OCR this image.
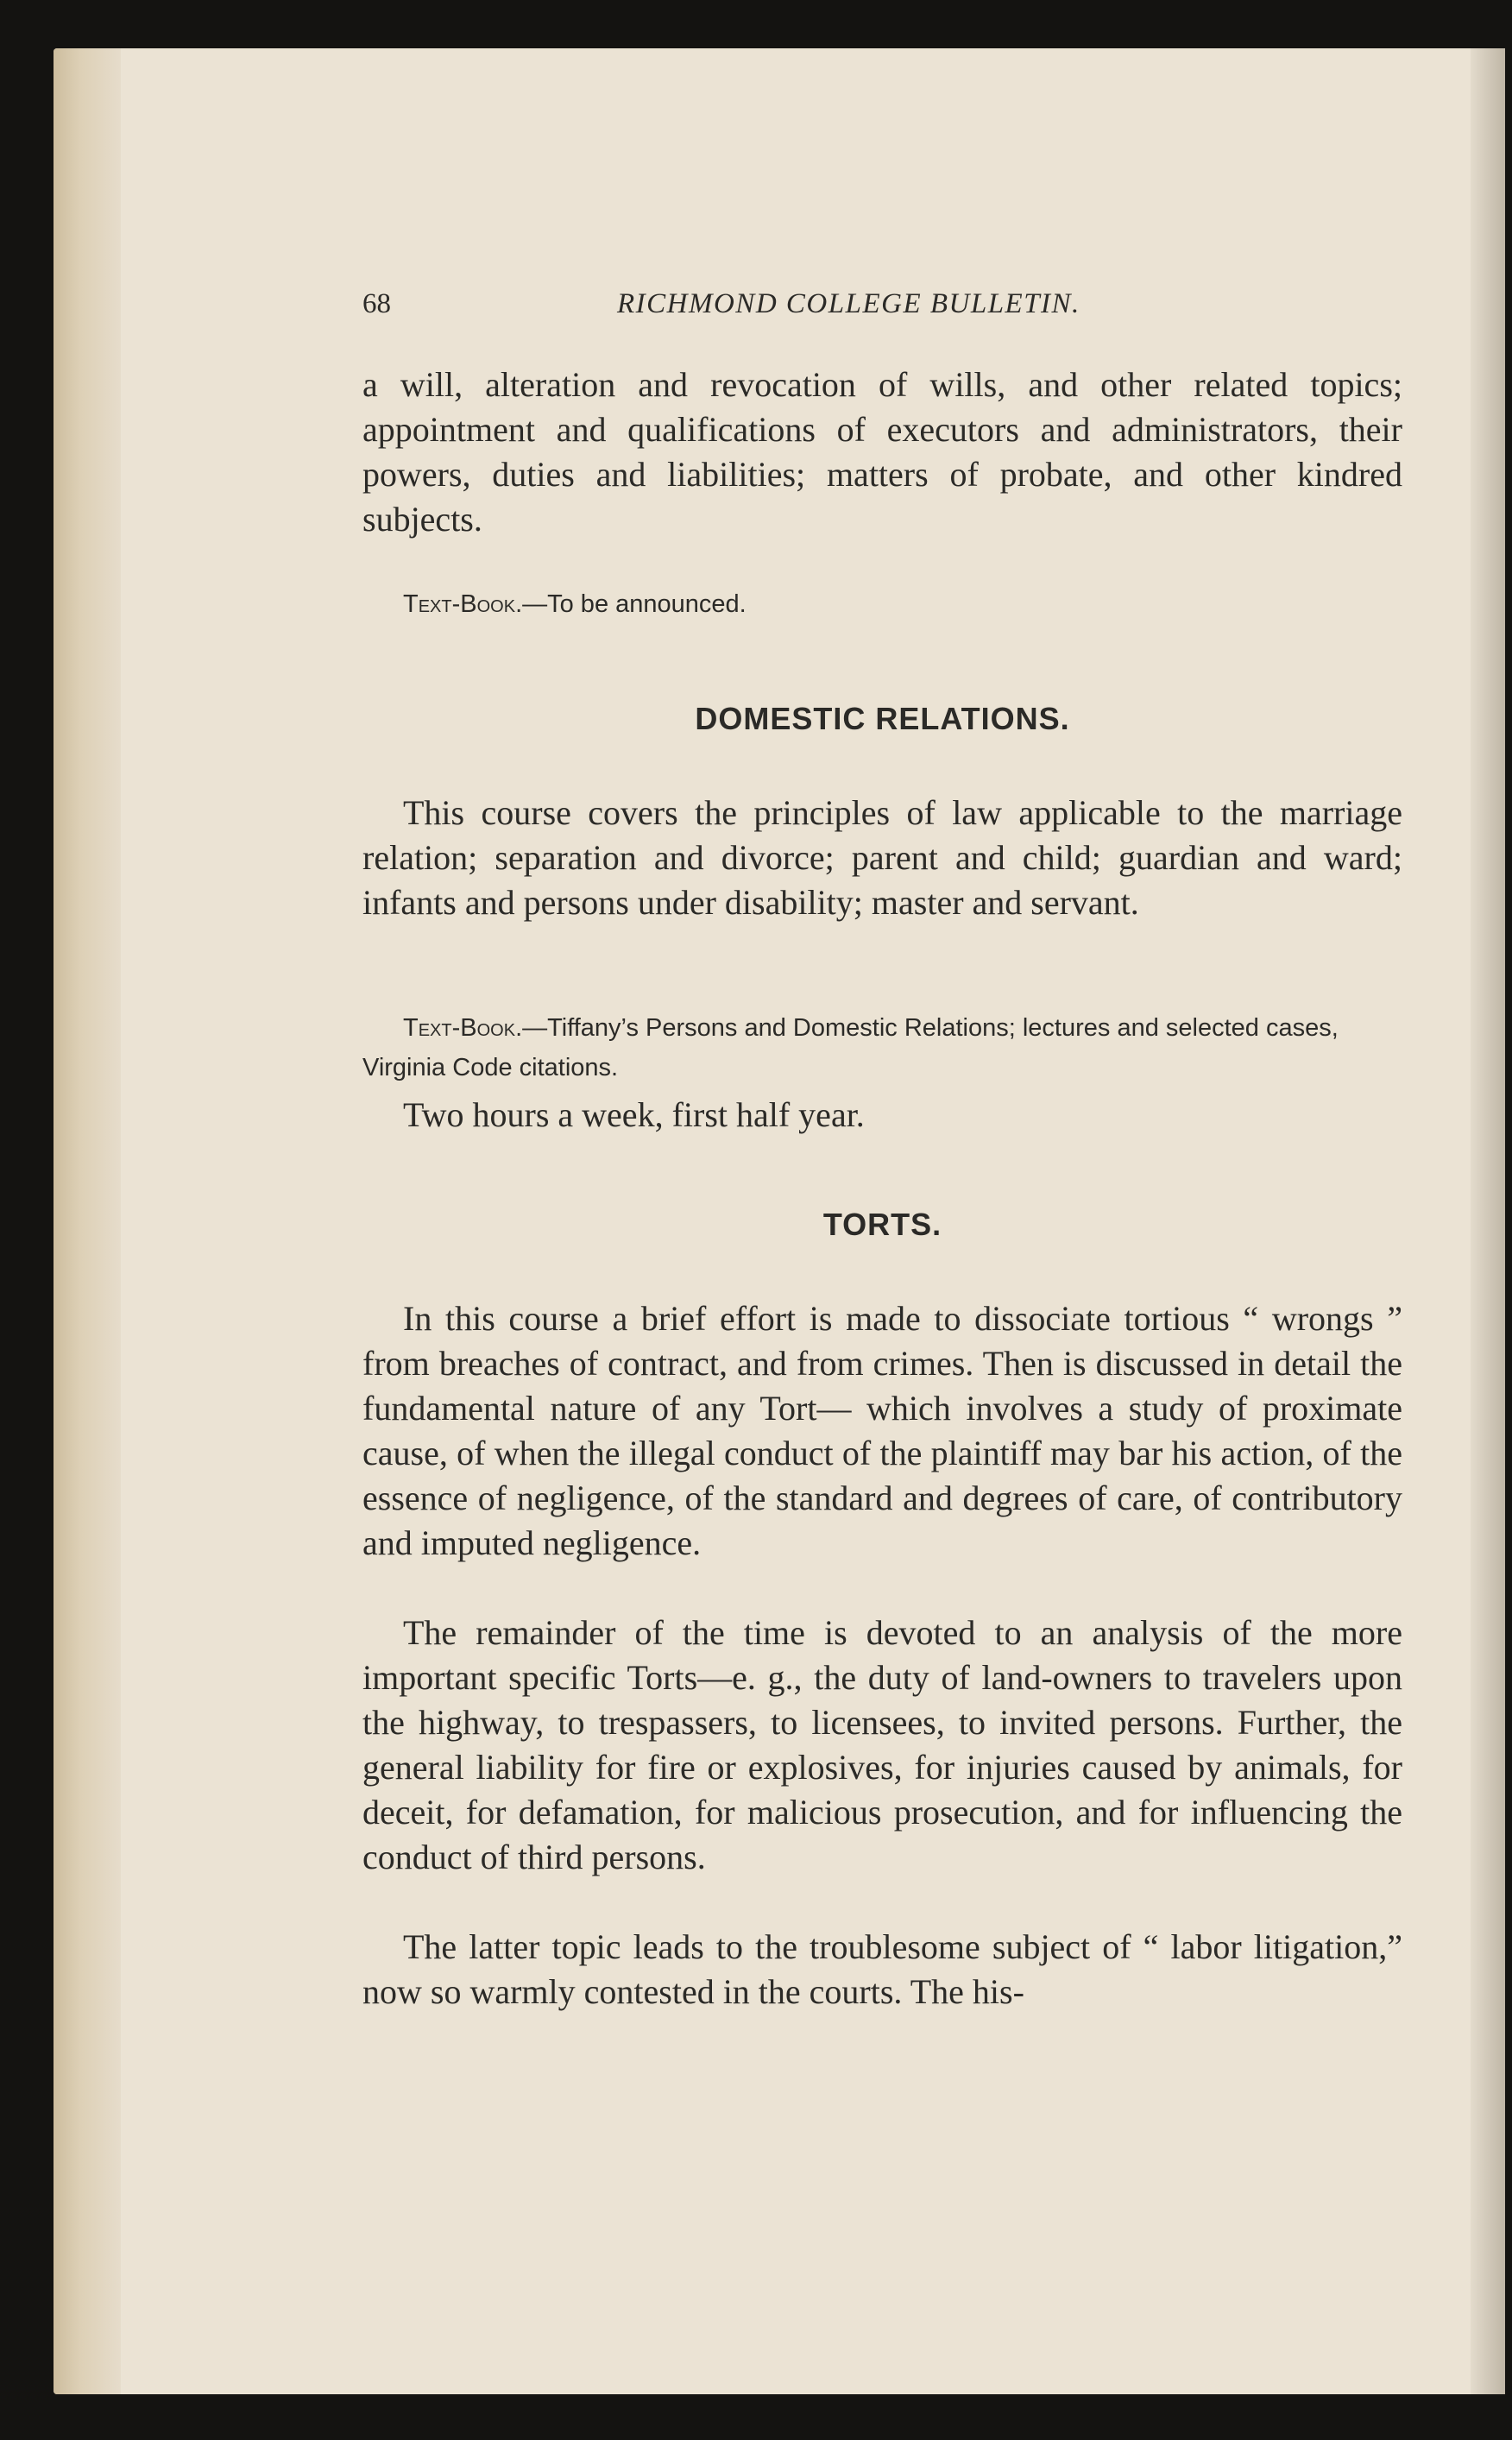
68	RICHMOND COLLEGE BULLETIN.

a will, alteration and revocation of wills, and other related topics; appointment and qualifications of executors and administrators, their powers, duties and liabilities; matters of probate, and other kindred subjects.

Text-Book.—To be announced.

DOMESTIC RELATIONS.

This course covers the principles of law applicable to the marriage relation; separation and divorce; parent and child; guardian and ward; infants and persons under disability; master and servant.

Text-Book.—Tiffany’s Persons and Domestic Relations; lectures and selected cases, Virginia Code citations.

Two hours a week, first half year.

TORTS.

In this course a brief effort is made to dissociate tortious “ wrongs ” from breaches of contract, and from crimes. Then is discussed in detail the fundamental nature of any Tort— which involves a study of proximate cause, of when the illegal conduct of the plaintiff may bar his action, of the essence of negligence, of the standard and degrees of care, of contributory and imputed negligence.

The remainder of the time is devoted to an analysis of the more important specific Torts—e. g., the duty of land-owners to travelers upon the highway, to trespassers, to licensees, to invited persons. Further, the general liability for fire or explosives, for injuries caused by animals, for deceit, for defamation, for malicious prosecution, and for influencing the conduct of third persons.

The latter topic leads to the troublesome subject of “ labor litigation,” now so warmly contested in the courts. The his-
